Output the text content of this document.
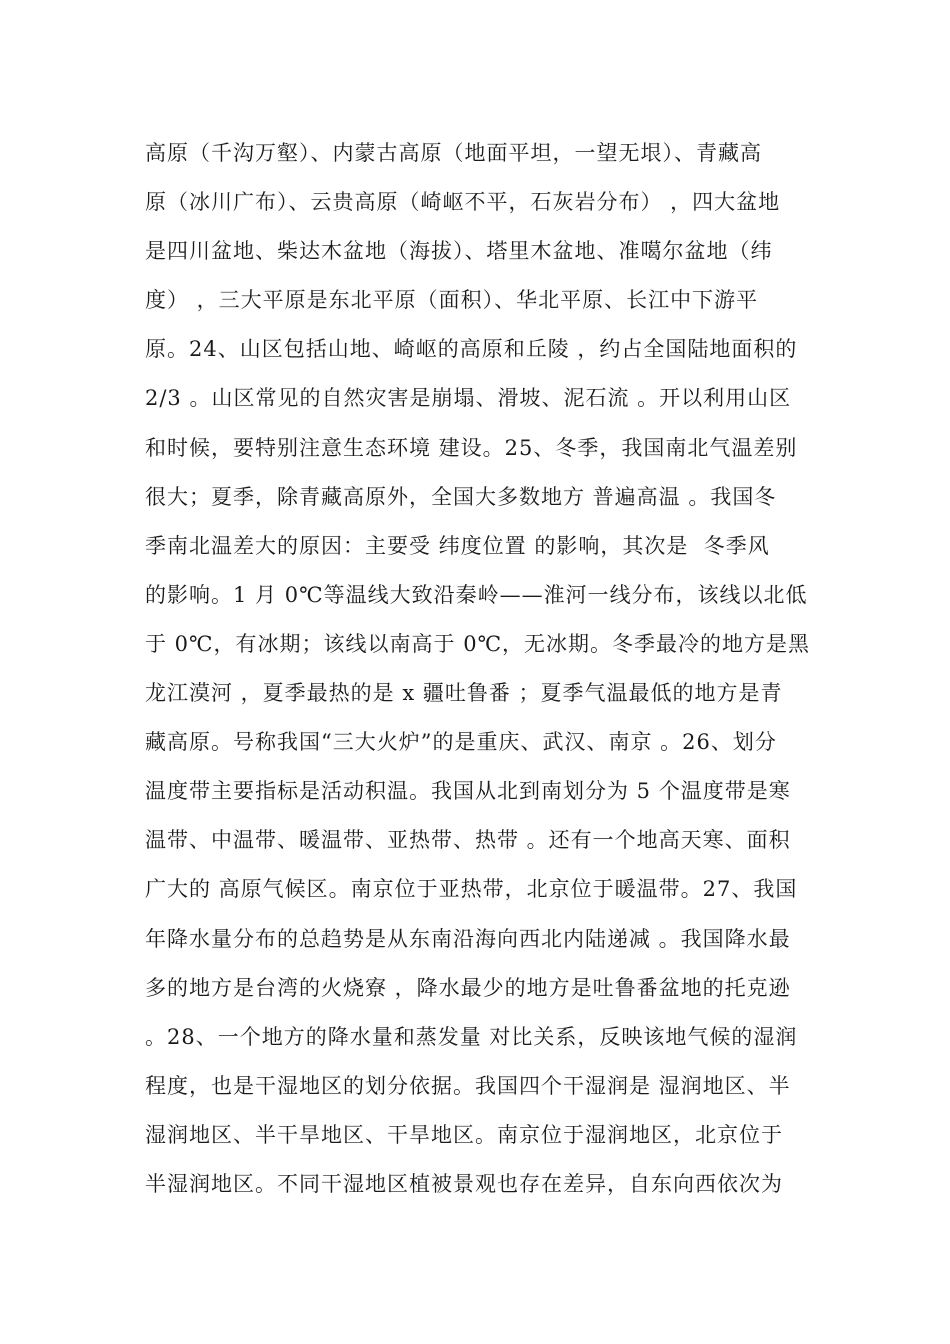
高原（千沟万壑）、内蒙古高原（地面平坦，一望无垠）、青藏高
原（冰川广布）、云贵高原（崎岖不平，石灰岩分布） ，四大盆地
是四川盆地、柴达木盆地（海拔）、塔里木盆地、准噶尔盆地（纬
度） ，三大平原是东北平原（面积）、华北平原、长江中下游平
原。24、山区包括山地、崎岖的高原和丘陵 ，约占全国陆地面积的
2/3 。山区常见的自然灾害是崩塌、滑坡、泥石流 。开以利用山区
和时候，要特别注意生态环境 建设。25、冬季，我国南北气温差别
很大；夏季，除青藏高原外，全国大多数地方 普遍高温 。我国冬
季南北温差大的原因：主要受 纬度位置 的影响，其次是  冬季风
的影响。1 月 0℃等温线大致沿秦岭——淮河一线分布，该线以北低
于 0℃，有冰期；该线以南高于 0℃，无冰期。冬季最冷的地方是黑
龙江漠河 ，夏季最热的是 x 疆吐鲁番 ；夏季气温最低的地方是青
藏高原。号称我国“三大火炉”的是重庆、武汉、南京 。26、划分
温度带主要指标是活动积温。我国从北到南划分为 5 个温度带是寒
温带、中温带、暖温带、亚热带、热带 。还有一个地高天寒、面积
广大的 高原气候区。南京位于亚热带，北京位于暖温带。27、我国
年降水量分布的总趋势是从东南沿海向西北内陆递减 。我国降水最
多的地方是台湾的火烧寮 ，降水最少的地方是吐鲁番盆地的托克逊
。28、一个地方的降水量和蒸发量 对比关系，反映该地气候的湿润
程度，也是干湿地区的划分依据。我国四个干湿润是 湿润地区、半
湿润地区、半干旱地区、干旱地区。南京位于湿润地区，北京位于
半湿润地区。不同干湿地区植被景观也存在差异，自东向西依次为
